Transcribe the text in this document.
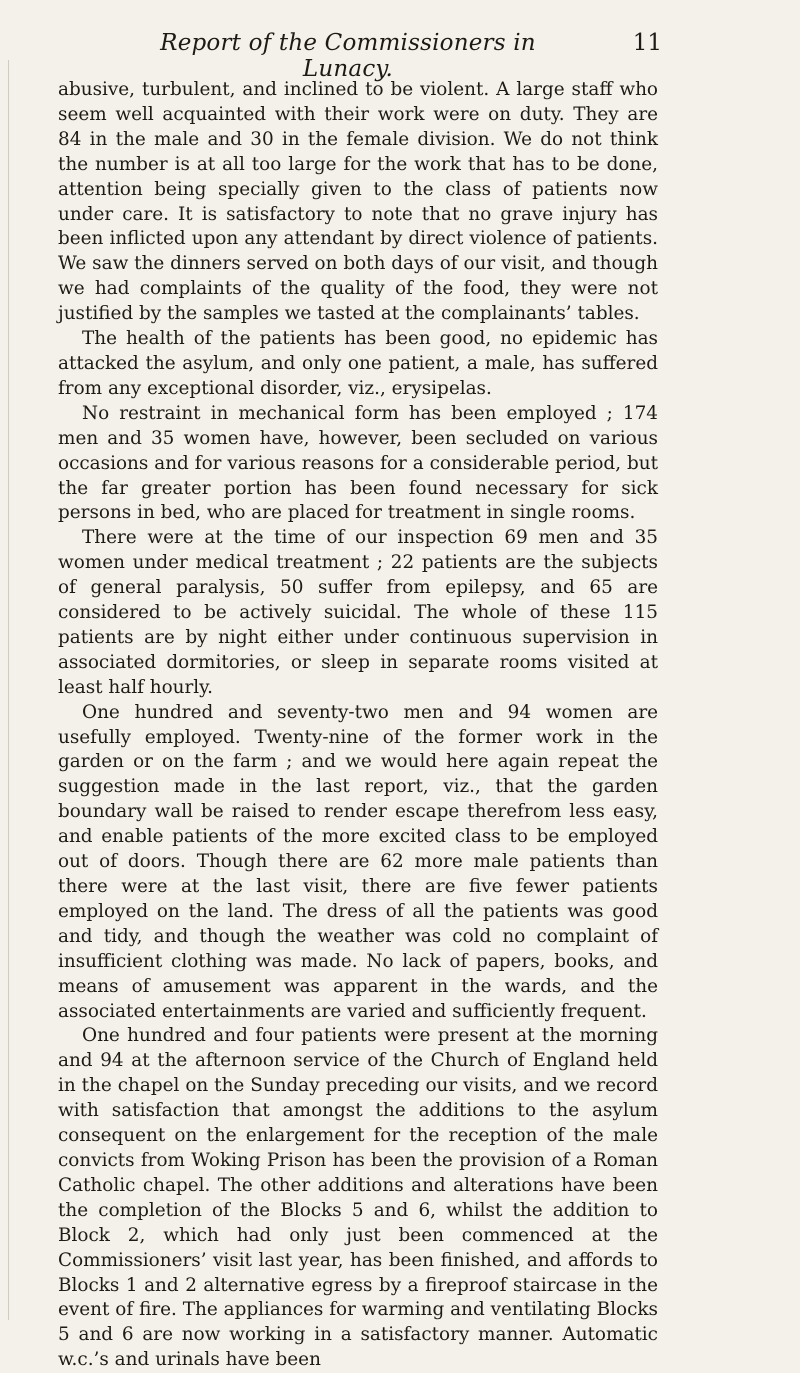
Report of the Commissioners in Lunacy.
11

abusive, turbulent, and inclined to be violent. A large staff who seem well acquainted with their work were on duty. They are 84 in the male and 30 in the female division. We do not think the number is at all too large for the work that has to be done, attention being specially given to the class of patients now under care. It is satisfactory to note that no grave injury has been inflicted upon any attendant by direct violence of patients. We saw the dinners served on both days of our visit, and though we had complaints of the quality of the food, they were not justified by the samples we tasted at the complainants’ tables.

The health of the patients has been good, no epidemic has attacked the asylum, and only one patient, a male, has suffered from any exceptional disorder, viz., erysipelas.

No restraint in mechanical form has been employed ; 174 men and 35 women have, however, been secluded on various occasions and for various reasons for a considerable period, but the far greater portion has been found necessary for sick persons in bed, who are placed for treatment in single rooms.

There were at the time of our inspection 69 men and 35 women under medical treatment ; 22 patients are the subjects of general paralysis, 50 suffer from epilepsy, and 65 are considered to be actively suicidal. The whole of these 115 patients are by night either under continuous supervision in associated dormitories, or sleep in separate rooms visited at least half hourly.

One hundred and seventy-two men and 94 women are usefully employed. Twenty-nine of the former work in the garden or on the farm ; and we would here again repeat the suggestion made in the last report, viz., that the garden boundary wall be raised to render escape therefrom less easy, and enable patients of the more excited class to be employed out of doors. Though there are 62 more male patients than there were at the last visit, there are five fewer patients employed on the land. The dress of all the patients was good and tidy, and though the weather was cold no complaint of insufficient clothing was made. No lack of papers, books, and means of amusement was apparent in the wards, and the associated entertainments are varied and sufficiently frequent.

One hundred and four patients were present at the morning and 94 at the afternoon service of the Church of England held in the chapel on the Sunday preceding our visits, and we record with satisfaction that amongst the additions to the asylum consequent on the enlargement for the reception of the male convicts from Woking Prison has been the provision of a Roman Catholic chapel. The other additions and alterations have been the completion of the Blocks 5 and 6, whilst the addition to Block 2, which had only just been commenced at the Commissioners’ visit last year, has been finished, and affords to Blocks 1 and 2 alternative egress by a fireproof staircase in the event of fire. The appliances for warming and ventilating Blocks 5 and 6 are now working in a satisfactory manner. Automatic w.c.’s and urinals have been
